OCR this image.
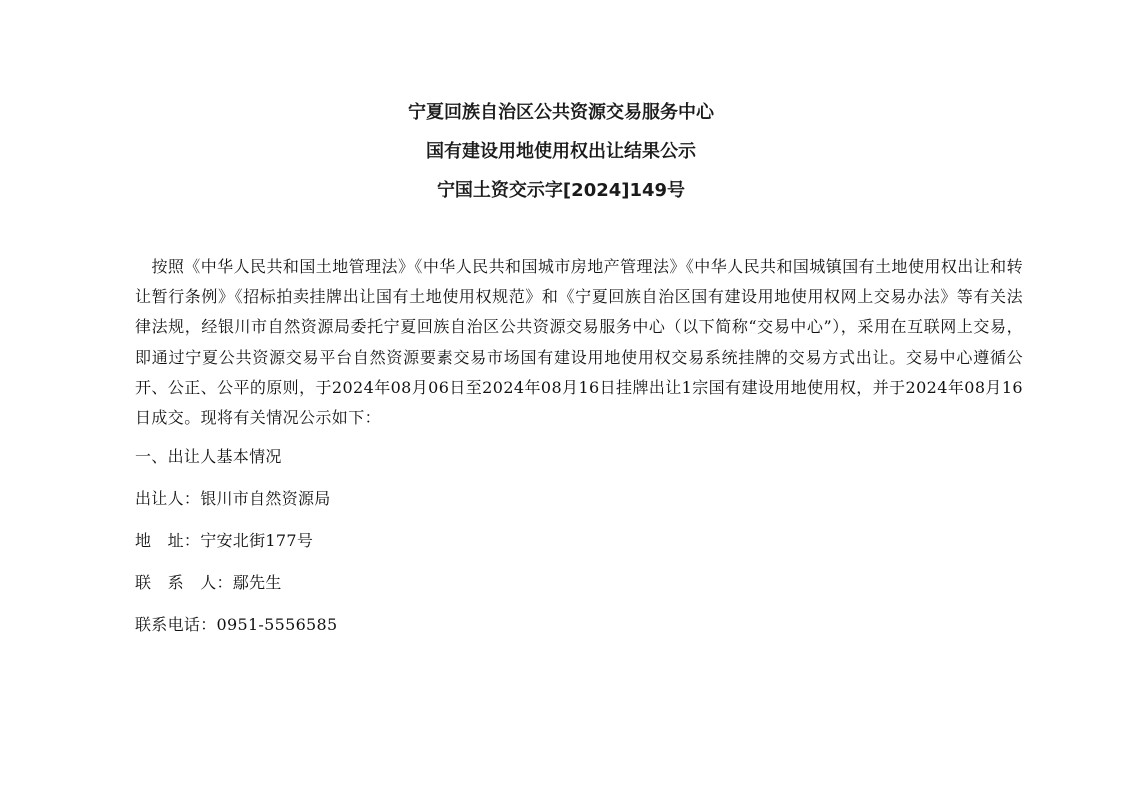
宁夏回族自治区公共资源交易服务中心

国有建设用地使用权出让结果公示

宁国土资交示字[2024]149号

　按照《中华人民共和国土地管理法》《中华人民共和国城市房地产管理法》《中华人民共和国城镇国有土地使用权出让和转让暂行条例》《招标拍卖挂牌出让国有土地使用权规范》和《宁夏回族自治区国有建设用地使用权网上交易办法》等有关法律法规，经银川市自然资源局委托宁夏回族自治区公共资源交易服务中心（以下简称“交易中心”），采用在互联网上交易，即通过宁夏公共资源交易平台自然资源要素交易市场国有建设用地使用权交易系统挂牌的交易方式出让。交易中心遵循公开、公正、公平的原则，于2024年08月06日至2024年08月16日挂牌出让1宗国有建设用地使用权，并于2024年08月16日成交。现将有关情况公示如下：

一、出让人基本情况

出让人：银川市自然资源局

地　址：宁安北街177号

联　系　人：鄢先生

联系电话：0951-5556585
